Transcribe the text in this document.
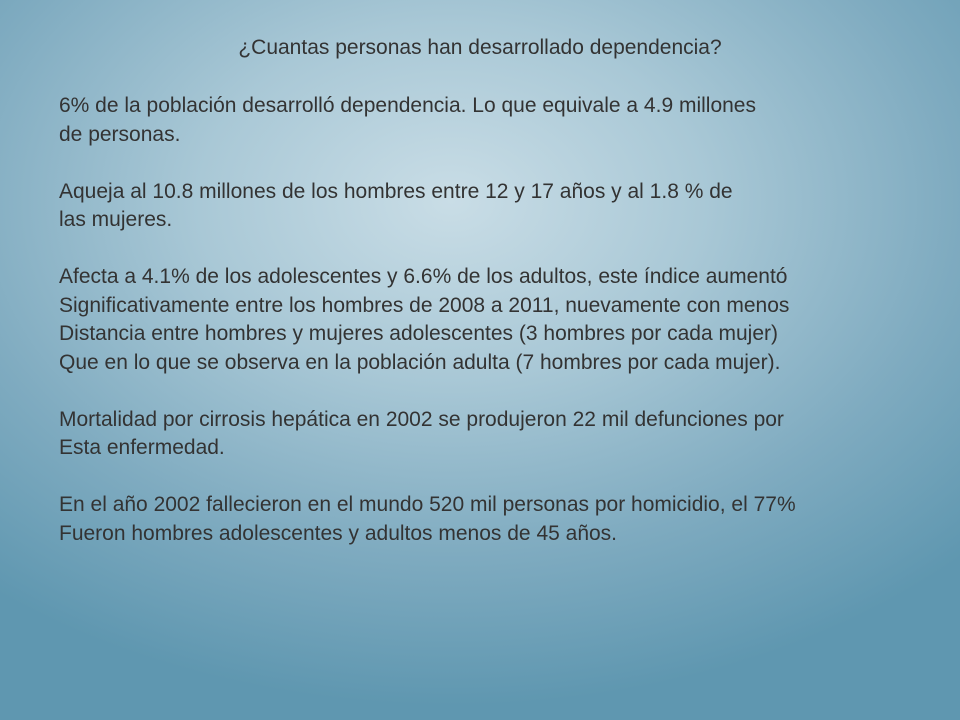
¿Cuantas personas han desarrollado dependencia?

6% de la población desarrolló dependencia. Lo que equivale a 4.9 millones
de personas.

Aqueja al 10.8 millones de los hombres entre 12 y 17 años y al 1.8 % de
las mujeres.

Afecta a 4.1% de los adolescentes y 6.6% de los adultos, este índice aumentó
Significativamente entre los hombres de 2008 a 2011, nuevamente con menos
Distancia entre hombres y mujeres adolescentes (3 hombres por cada mujer)
Que en lo que se observa en la población adulta (7 hombres por cada mujer).

Mortalidad por cirrosis hepática en 2002 se produjeron 22 mil defunciones por
Esta enfermedad.

En el año 2002 fallecieron en el mundo 520 mil personas por homicidio, el 77%
Fueron hombres adolescentes y adultos menos de 45 años.
